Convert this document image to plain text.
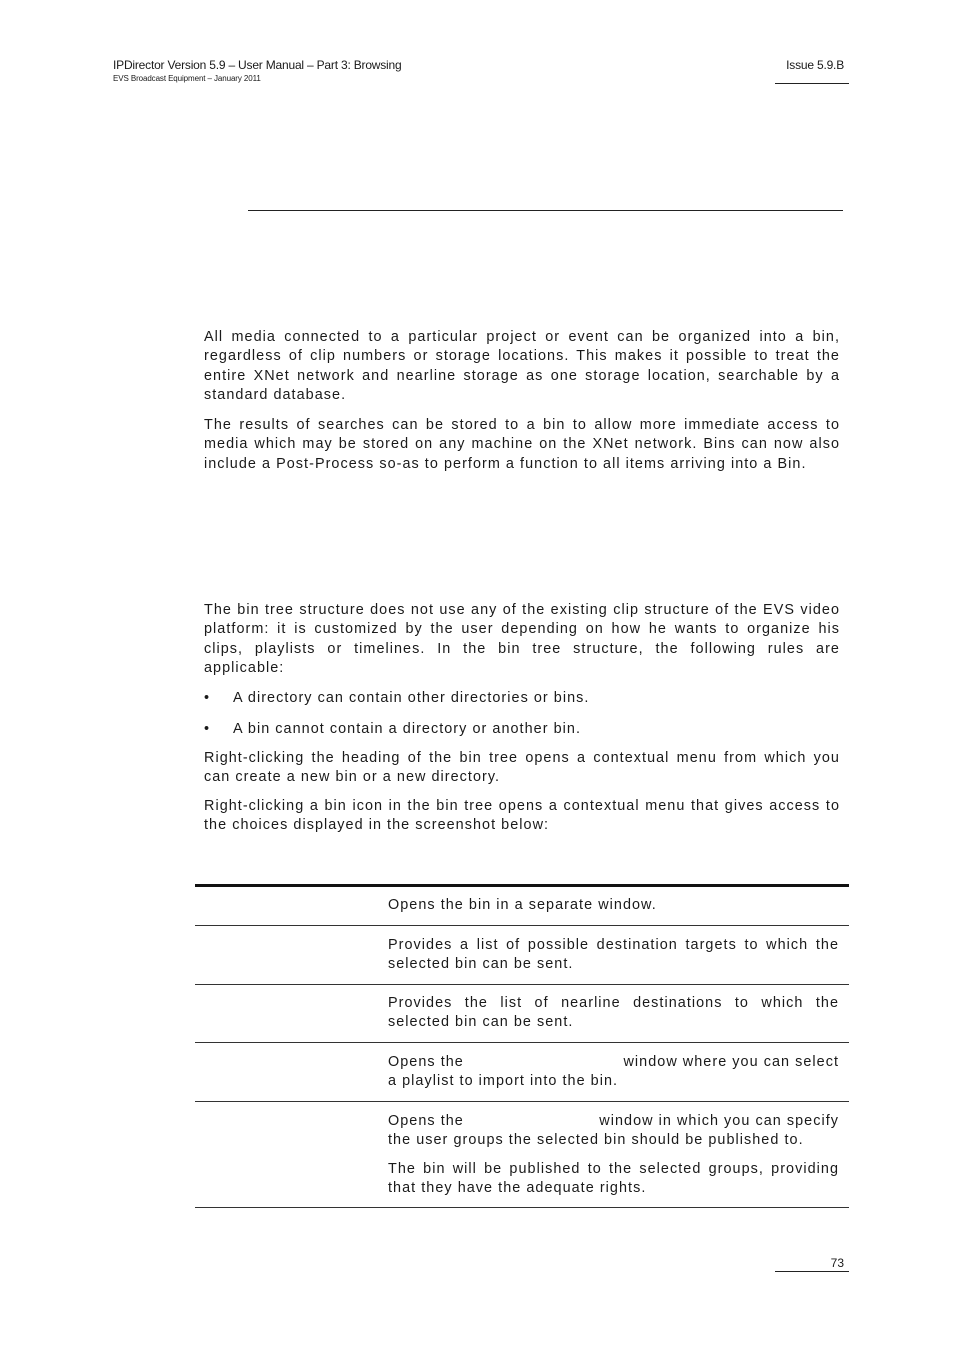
IPDirector Version 5.9 – User Manual – Part 3: Browsing
EVS Broadcast Equipment – January 2011
Issue 5.9.B

All media connected to a particular project or event can be organized into a bin, regardless of clip numbers or storage locations. This makes it possible to treat the entire XNet network and nearline storage as one storage location, searchable by a standard database.

The results of searches can be stored to a bin to allow more immediate access to media which may be stored on any machine on the XNet network. Bins can now also include a Post-Process so-as to perform a function to all items arriving into a Bin.

The bin tree structure does not use any of the existing clip structure of the EVS video platform: it is customized by the user depending on how he wants to organize his clips, playlists or timelines. In the bin tree structure, the following rules are applicable:

• A directory can contain other directories or bins.
• A bin cannot contain a directory or another bin.

Right-clicking the heading of the bin tree opens a contextual menu from which you can create a new bin or a new directory.

Right-clicking a bin icon in the bin tree opens a contextual menu that gives access to the choices displayed in the screenshot below:

Opens the bin in a separate window.

Provides a list of possible destination targets to which the selected bin can be sent.

Provides the list of nearline destinations to which the selected bin can be sent.

Opens the	window where you can select
a playlist to import into the bin.
Opens the	window in which you can specify
the user groups the selected bin should be published to.

The bin will be published to the selected groups, providing that they have the adequate rights.

73
